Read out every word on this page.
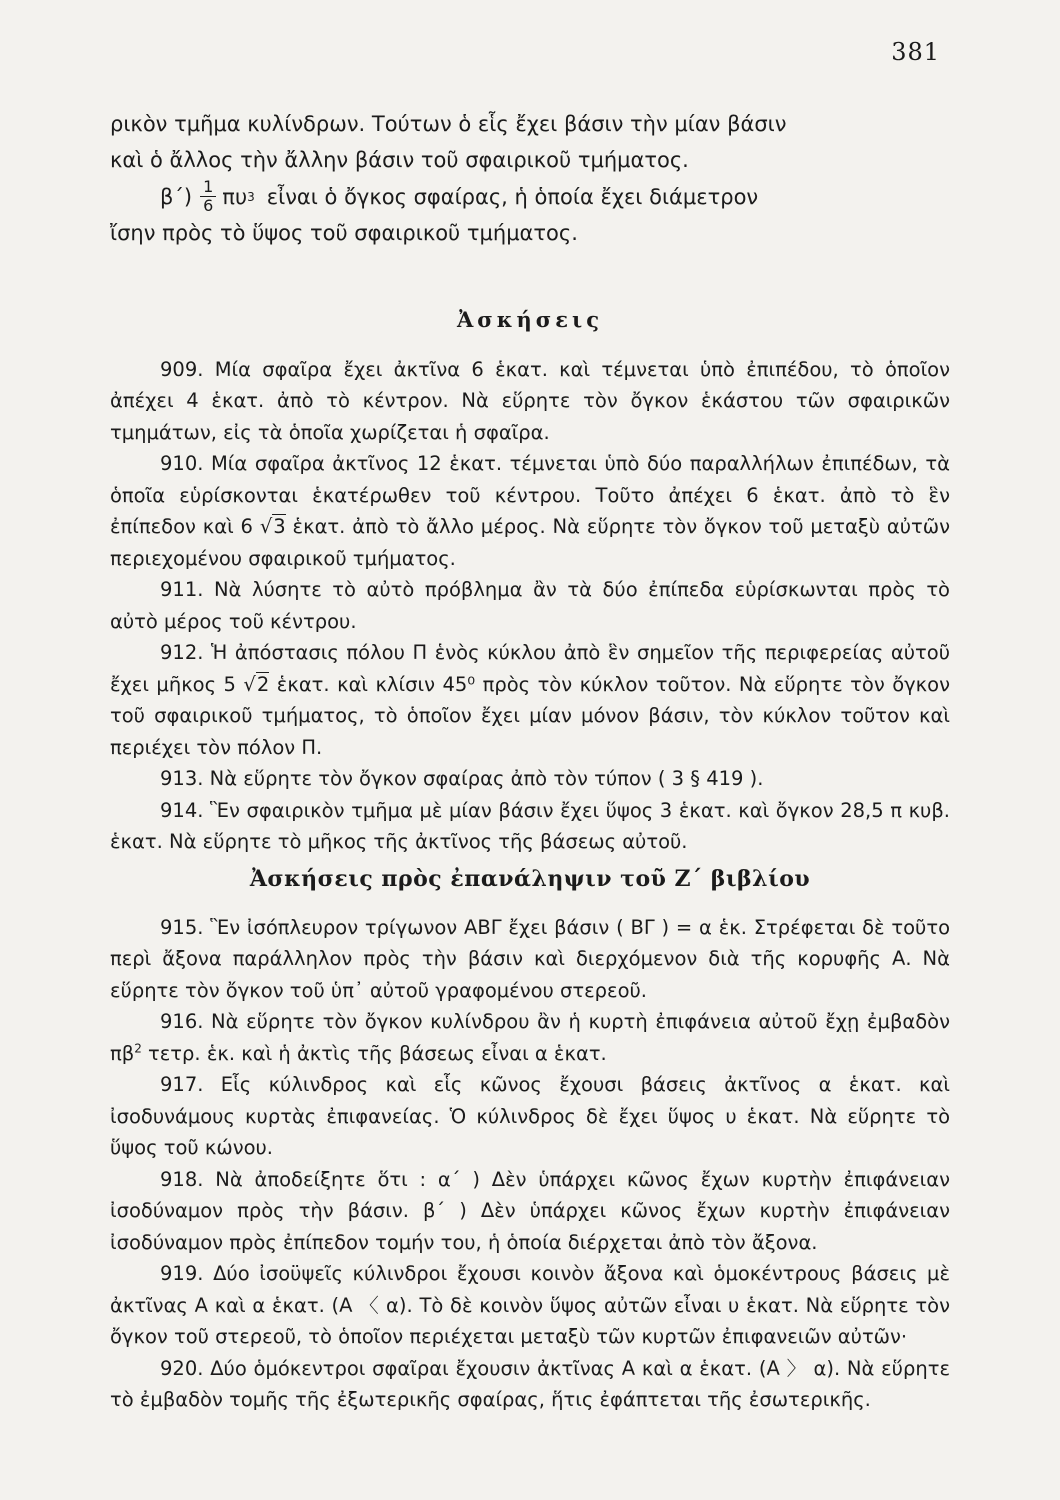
381

ρικὸν τμῆμα κυλίνδρων. Τούτων ὁ εἷς ἔχει βάσιν τὴν μίαν βάσιν

καὶ ὁ ἄλλος τὴν ἄλλην βάσιν τοῦ σφαιρικοῦ τμήματος.

$\beta΄) \frac{1}{6}$ πυ 3 εἶναι ὁ ὄγκος σφαίρας, ἡ ὁποία ἔχει διάμετρον

ἴσην πρὸς τὸ ὕψος τοῦ σφαιρικοῦ τμήματος.

Ἀσκήσεις

909. Μία σφαῖρα ἔχει ἀκτῖνα 6 ἑκατ. καὶ τέμνεται ὑπὸ ἐπιπέδου, τὸ ὁποῖον ἀπέχει 4 ἑκατ. ἀπὸ τὸ κέντρον. Νὰ εὕρητε τὸν ὄγκον ἑκάστου τῶν σφαιρικῶν τμημάτων, εἰς τὰ ὁποῖα χωρίζεται ἡ σφαῖρα.

910. Μία σφαῖρα ἀκτῖνος 12 ἑκατ. τέμνεται ὑπὸ δύο παραλλήλων ἐπιπέδων, τὰ ὁποῖα εὑρίσκονται ἑκατέρωθεν τοῦ κέντρου. Τοῦτο ἀπέχει 6 ἑκατ. ἀπὸ τὸ ἓν ἐπίπεδον καὶ 6 √3 ἑκατ. ἀπὸ τὸ ἄλλο μέρος. Νὰ εὕρητε τὸν ὄγκον τοῦ μεταξὺ αὐτῶν περιεχομένου σφαιρικοῦ τμήματος.

911. Νὰ λύσητε τὸ αὐτὸ πρόβλημα ἂν τὰ δύο ἐπίπεδα εὑρίσκωνται πρὸς τὸ αὐτὸ μέρος τοῦ κέντρου.

912. Ἡ ἀπόστασις πόλου Π ἑνὸς κύκλου ἀπὸ ἓν σημεῖον τῆς περιφερείας αὐτοῦ ἔχει μῆκος 5 √2 ἑκατ. καὶ κλίσιν 45⁰ πρὸς τὸν κύκλον τοῦτον. Νὰ εὕρητε τὸν ὄγκον τοῦ σφαιρικοῦ τμήματος, τὸ ὁποῖον ἔχει μίαν μόνον βάσιν, τὸν κύκλον τοῦτον καὶ περιέχει τὸν πόλον Π.

913. Νὰ εὕρητε τὸν ὄγκον σφαίρας ἀπὸ τὸν τύπον ( 3 § 419 ).

914. Ἓν σφαιρικὸν τμῆμα μὲ μίαν βάσιν ἔχει ὕψος 3 ἑκατ. καὶ ὄγκον 28,5 π κυβ. ἑκατ. Νὰ εὕρητε τὸ μῆκος τῆς ἀκτῖνος τῆς βάσεως αὐτοῦ.

Ἀσκήσεις πρὸς ἐπανάληψιν τοῦ Ζ΄ βιβλίου

915. Ἓν ἰσόπλευρον τρίγωνον ΑΒΓ ἔχει βάσιν ( ΒΓ ) = α ἑκ. Στρέφεται δὲ τοῦτο περὶ ἄξονα παράλληλον πρὸς τὴν βάσιν καὶ διερχόμενον διὰ τῆς κορυφῆς Α. Νὰ εὕρητε τὸν ὄγκον τοῦ ὑπ᾽ αὐτοῦ γραφομένου στερεοῦ.

916. Νὰ εὕρητε τὸν ὄγκον κυλίνδρου ἂν ἡ κυρτὴ ἐπιφάνεια αὐτοῦ ἔχῃ ἐμβαδὸν $\pi\beta^2$ τετρ. ἑκ. καὶ ἡ ἀκτὶς τῆς βάσεως εἶναι α ἑκατ.

917. Εἷς κύλινδρος καὶ εἷς κῶνος ἔχουσι βάσεις ἀκτῖνος α ἑκατ. καὶ ἰσοδυνάμους κυρτὰς ἐπιφανείας. Ὁ κύλινδρος δὲ ἔχει ὕψος υ ἑκατ. Νὰ εὕρητε τὸ ὕψος τοῦ κώνου.

918. Νὰ ἀποδείξητε ὅτι : α΄ ) Δὲν ὑπάρχει κῶνος ἔχων κυρτὴν ἐπιφάνειαν ἰσοδύναμον πρὸς τὴν βάσιν. β΄ ) Δὲν ὑπάρχει κῶνος ἔχων κυρτὴν ἐπιφάνειαν ἰσοδύναμον πρὸς ἐπίπεδον τομήν του, ἡ ὁποία διέρχεται ἀπὸ τὸν ἄξονα.

919. Δύο ἰσοϋψεῖς κύλινδροι ἔχουσι κοινὸν ἄξονα καὶ ὁμοκέντρους βάσεις μὲ ἀκτῖνας Α καὶ α ἑκατ. (Α 〈 α). Τὸ δὲ κοινὸν ὕψος αὐτῶν εἶναι υ ἑκατ. Νὰ εὕρητε τὸν ὄγκον τοῦ στερεοῦ, τὸ ὁποῖον περιέχεται μεταξὺ τῶν κυρτῶν ἐπιφανειῶν αὐτῶν·

920. Δύο ὁμόκεντροι σφαῖραι ἔχουσιν ἀκτῖνας Α καὶ α ἑκατ. (Α 〉 α). Νὰ εὕρητε τὸ ἐμβαδὸν τομῆς τῆς ἐξωτερικῆς σφαίρας, ἥτις ἐφάπτεται τῆς ἐσωτερικῆς.
